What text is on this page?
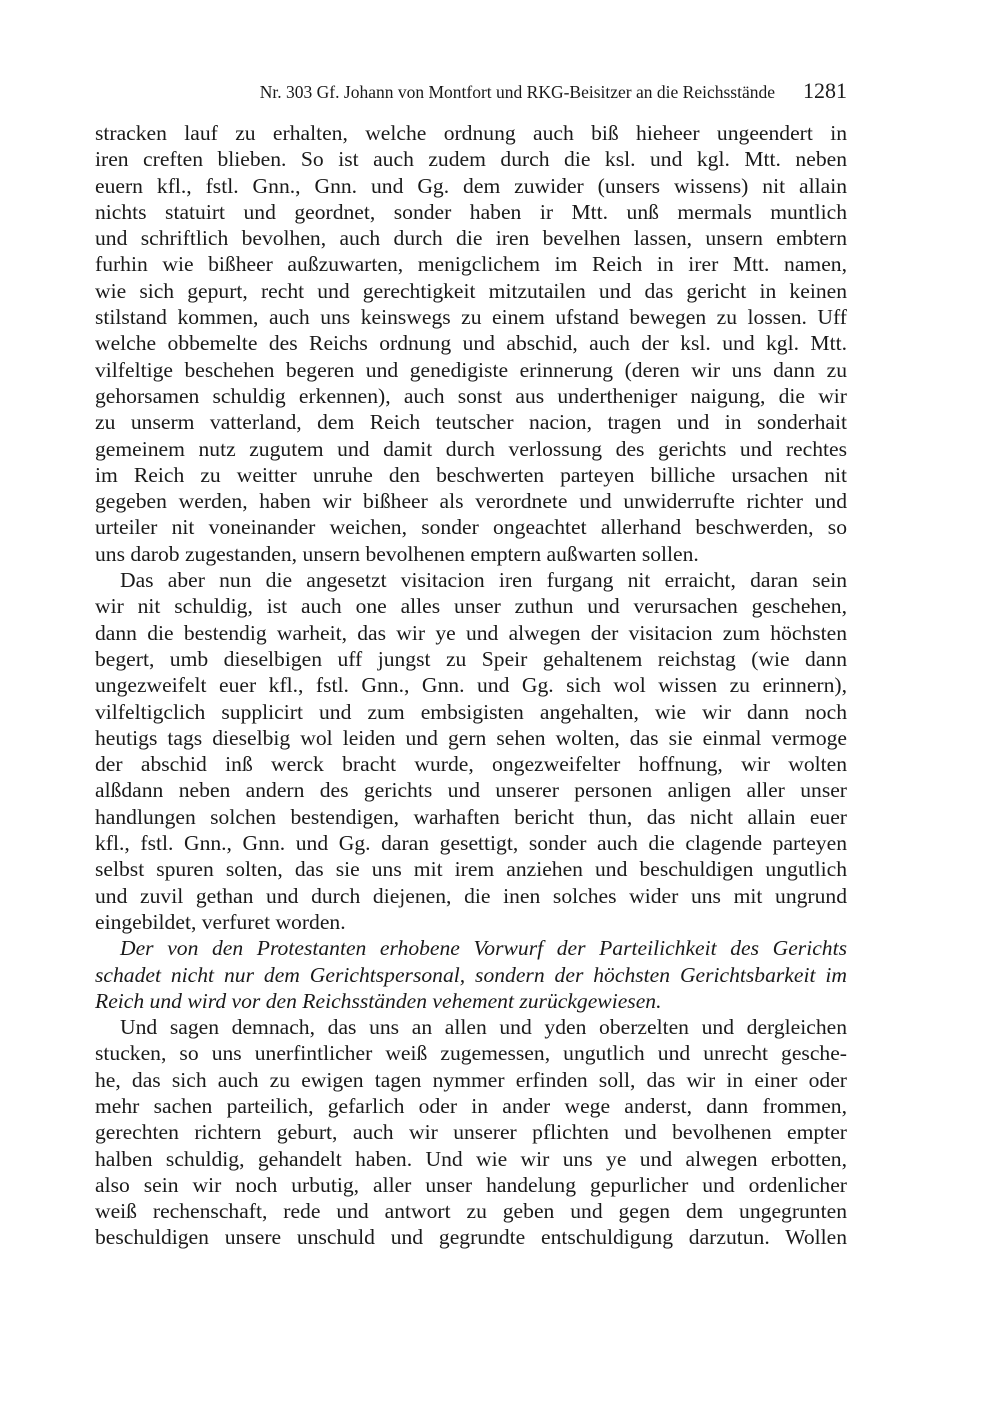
Nr. 303 Gf. Johann von Montfort und RKG-Beisitzer an die Reichsstände 1281
stracken lauf zu erhalten, welche ordnung auch biß hieheer ungeendert in
iren creften blieben. So ist auch zudem durch die ksl. und kgl. Mtt. neben
euern kfl., fstl. Gnn., Gnn. und Gg. dem zuwider (unsers wissens) nit allain
nichts statuirt und geordnet, sonder haben ir Mtt. unß mermals muntlich
und schriftlich bevolhen, auch durch die iren bevelhen lassen, unsern embtern
furhin wie bißheer außzuwarten, menigclichem im Reich in irer Mtt. namen,
wie sich gepurt, recht und gerechtigkeit mitzutailen und das gericht in keinen
stilstand kommen, auch uns keinswegs zu einem ufstand bewegen zu lossen. Uff
welche obbemelte des Reichs ordnung und abschid, auch der ksl. und kgl. Mtt.
vilfeltige beschehen begeren und genedigiste erinnerung (deren wir uns dann zu
gehorsamen schuldig erkennen), auch sonst aus undertheniger naigung, die wir
zu unserm vatterland, dem Reich teutscher nacion, tragen und in sonderhait
gemeinem nutz zugutem und damit durch verlossung des gerichts und rechtes
im Reich zu weitter unruhe den beschwerten parteyen billiche ursachen nit
gegeben werden, haben wir bißheer als verordnete und unwiderrufte richter und
urteiler nit voneinander weichen, sonder ongeachtet allerhand beschwerden, so
uns darob zugestanden, unsern bevolhenen emptern außwarten sollen.
Das aber nun die angesetzt visitacion iren furgang nit erraicht, daran sein
wir nit schuldig, ist auch one alles unser zuthun und verursachen geschehen,
dann die bestendig warheit, das wir ye und alwegen der visitacion zum höchsten
begert, umb dieselbigen uff jungst zu Speir gehaltenem reichstag (wie dann
ungezweifelt euer kfl., fstl. Gnn., Gnn. und Gg. sich wol wissen zu erinnern),
vilfeltigclich supplicirt und zum embsigisten angehalten, wie wir dann noch
heutigs tags dieselbig wol leiden und gern sehen wolten, das sie einmal vermoge
der abschid inß werck bracht wurde, ongezweifelter hoffnung, wir wolten
alßdann neben andern des gerichts und unserer personen anligen aller unser
handlungen solchen bestendigen, warhaften bericht thun, das nicht allain euer
kfl., fstl. Gnn., Gnn. und Gg. daran gesettigt, sonder auch die clagende parteyen
selbst spuren solten, das sie uns mit irem anziehen und beschuldigen ungutlich
und zuvil gethan und durch diejenen, die inen solches wider uns mit ungrund
eingebildet, verfuret worden.
Der von den Protestanten erhobene Vorwurf der Parteilichkeit des Gerichts
schadet nicht nur dem Gerichtspersonal, sondern der höchsten Gerichtsbarkeit im
Reich und wird vor den Reichsständen vehement zurückgewiesen.
Und sagen demnach, das uns an allen und yden oberzelten und dergleichen
stucken, so uns unerfintlicher weiß zugemessen, ungutlich und unrecht gesche-
he, das sich auch zu ewigen tagen nymmer erfinden soll, das wir in einer oder
mehr sachen parteilich, gefarlich oder in ander wege anderst, dann frommen,
gerechten richtern geburt, auch wir unserer pflichten und bevolhenen empter
halben schuldig, gehandelt haben. Und wie wir uns ye und alwegen erbotten,
also sein wir noch urbutig, aller unser handelung gepurlicher und ordenlicher
weiß rechenschaft, rede und antwort zu geben und gegen dem ungegrunten
beschuldigen unsere unschuld und gegrundte entschuldigung darzutun. Wollen
